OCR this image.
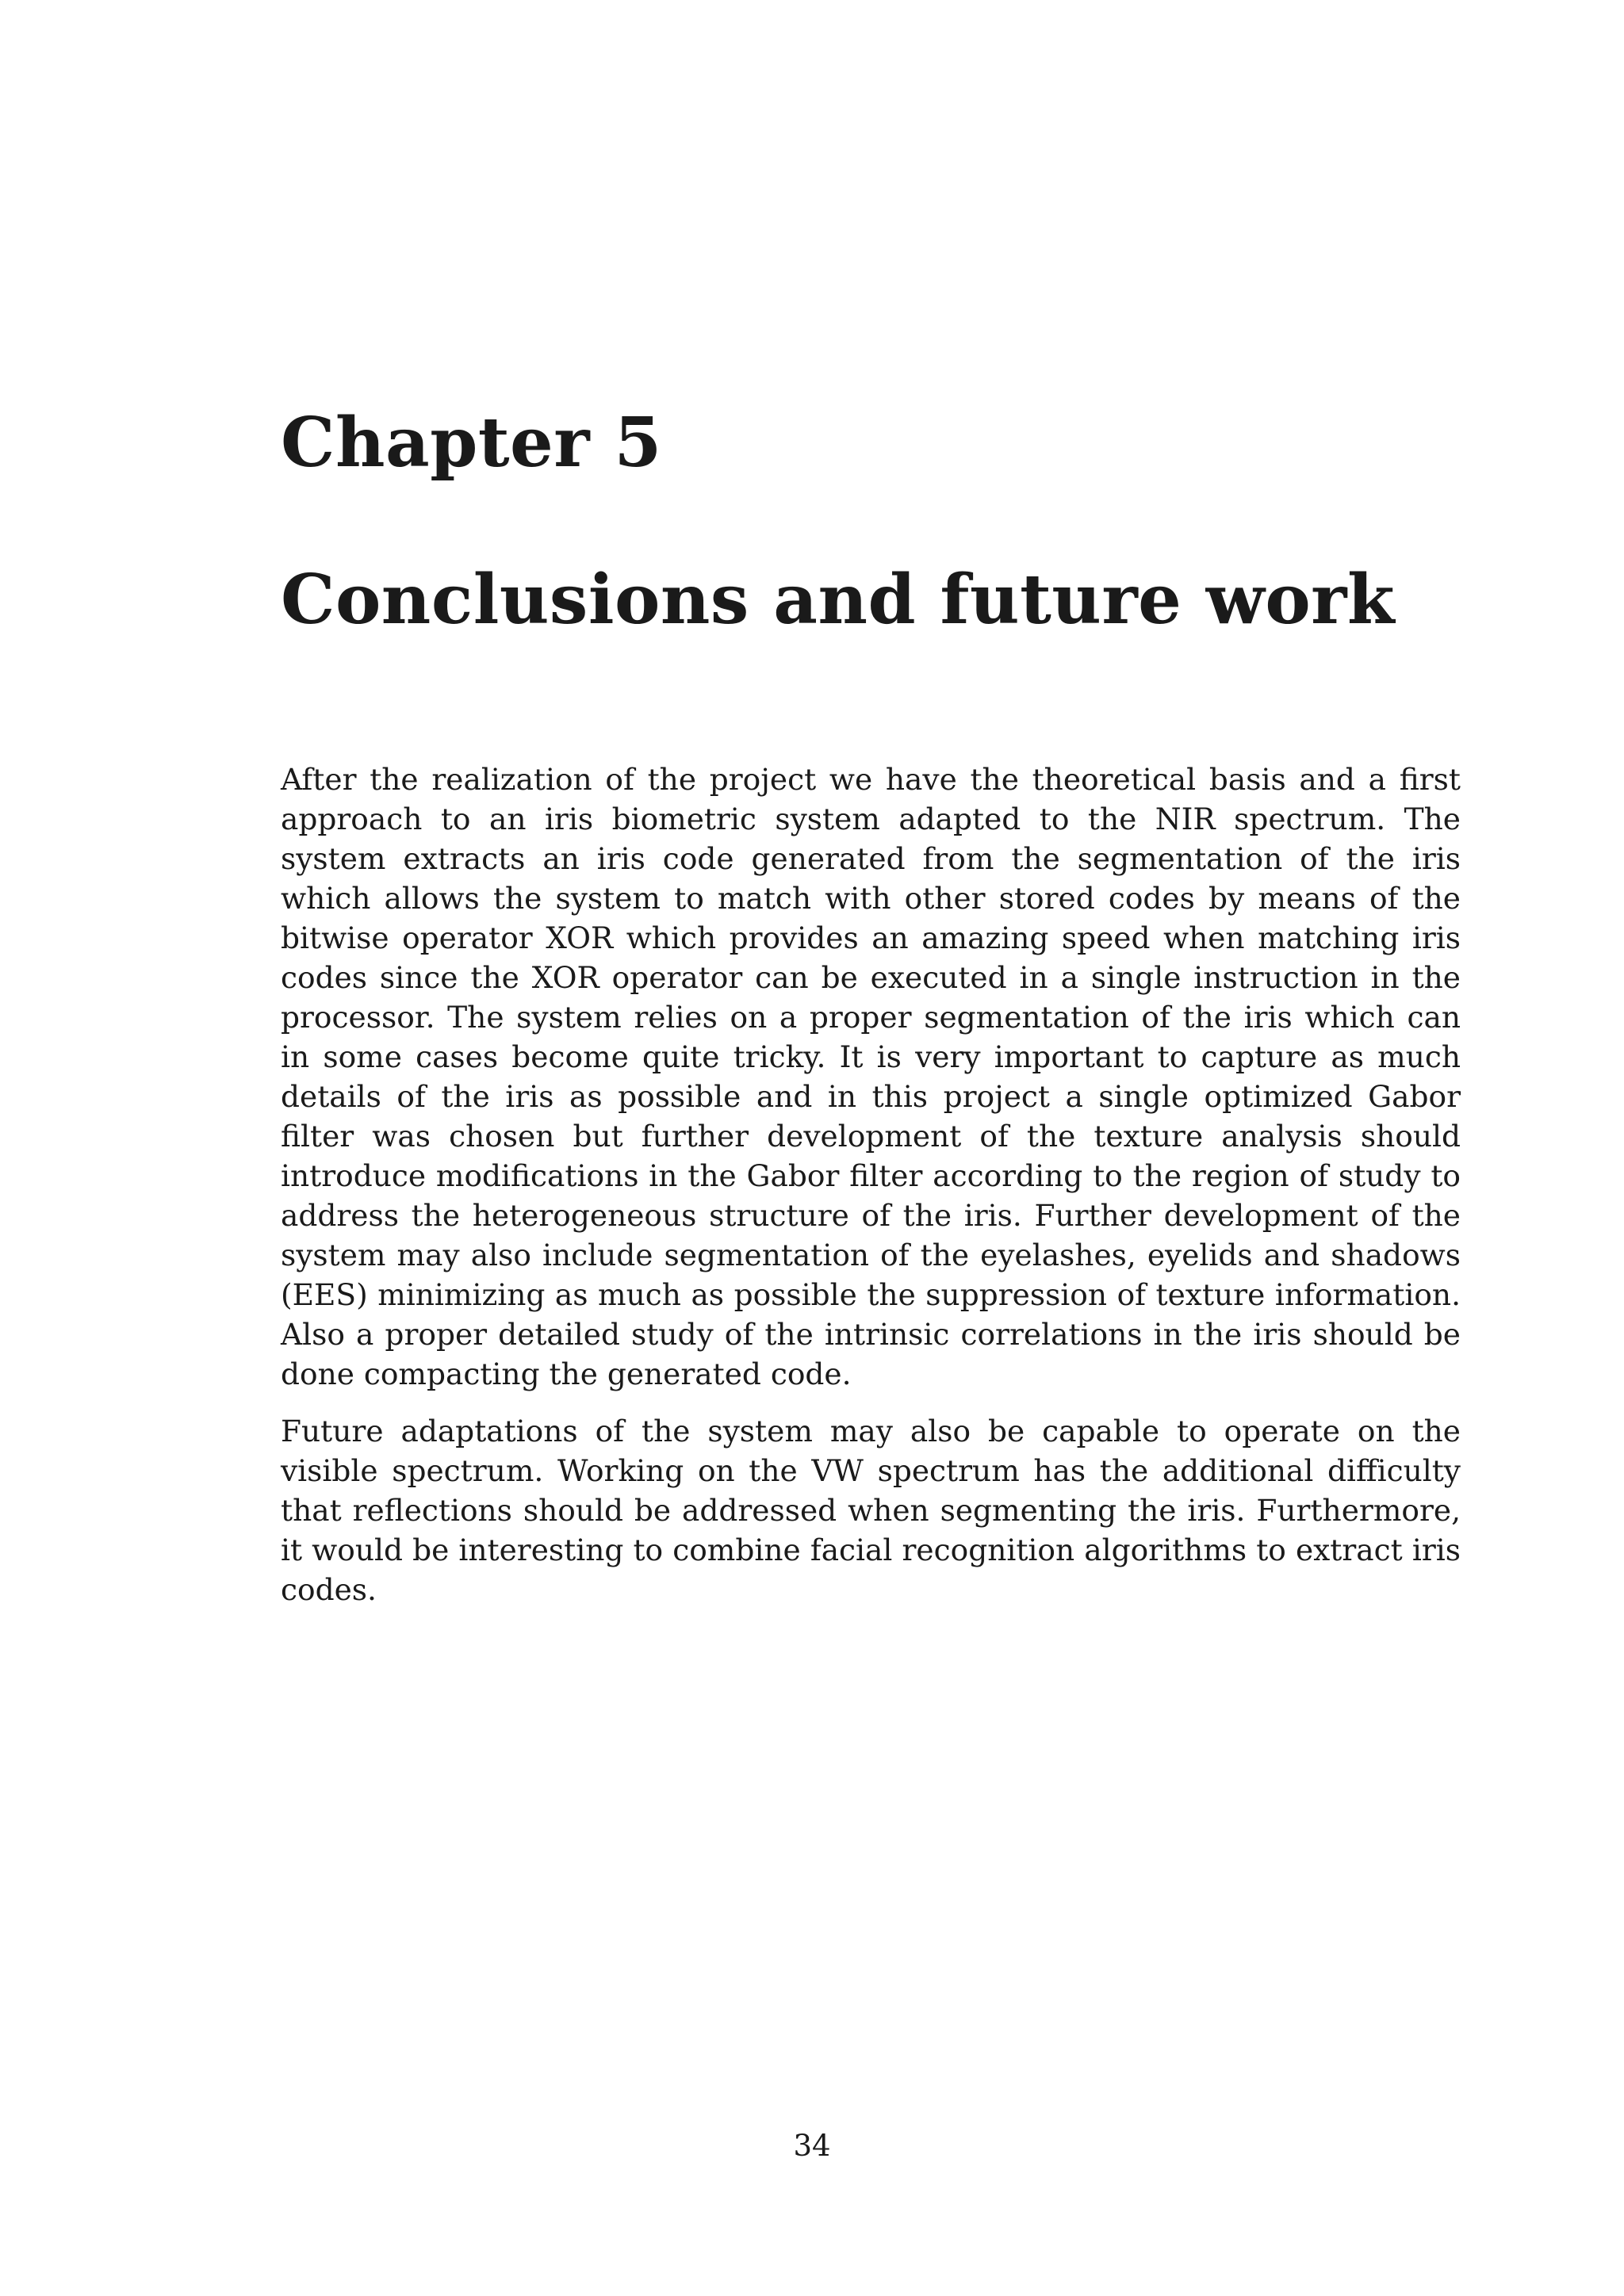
Chapter 5
Conclusions and future work

After the realization of the project we have the theoretical basis and a first approach to an iris biometric system adapted to the NIR spectrum. The system extracts an iris code generated from the segmentation of the iris which allows the system to match with other stored codes by means of the bitwise operator XOR which provides an amazing speed when matching iris codes since the XOR operator can be executed in a single instruction in the processor. The system relies on a proper segmentation of the iris which can in some cases become quite tricky. It is very important to capture as much details of the iris as possible and in this project a single optimized Gabor filter was chosen but further development of the texture analysis should introduce modifications in the Gabor filter according to the region of study to address the heterogeneous structure of the iris. Further development of the system may also include segmentation of the eyelashes, eyelids and shadows (EES) minimizing as much as possible the suppression of texture information. Also a proper detailed study of the intrinsic correlations in the iris should be done compacting the generated code.

Future adaptations of the system may also be capable to operate on the visible spectrum. Working on the VW spectrum has the additional difficulty that reflections should be addressed when segmenting the iris. Furthermore, it would be interesting to combine facial recognition algorithms to extract iris codes.

34
